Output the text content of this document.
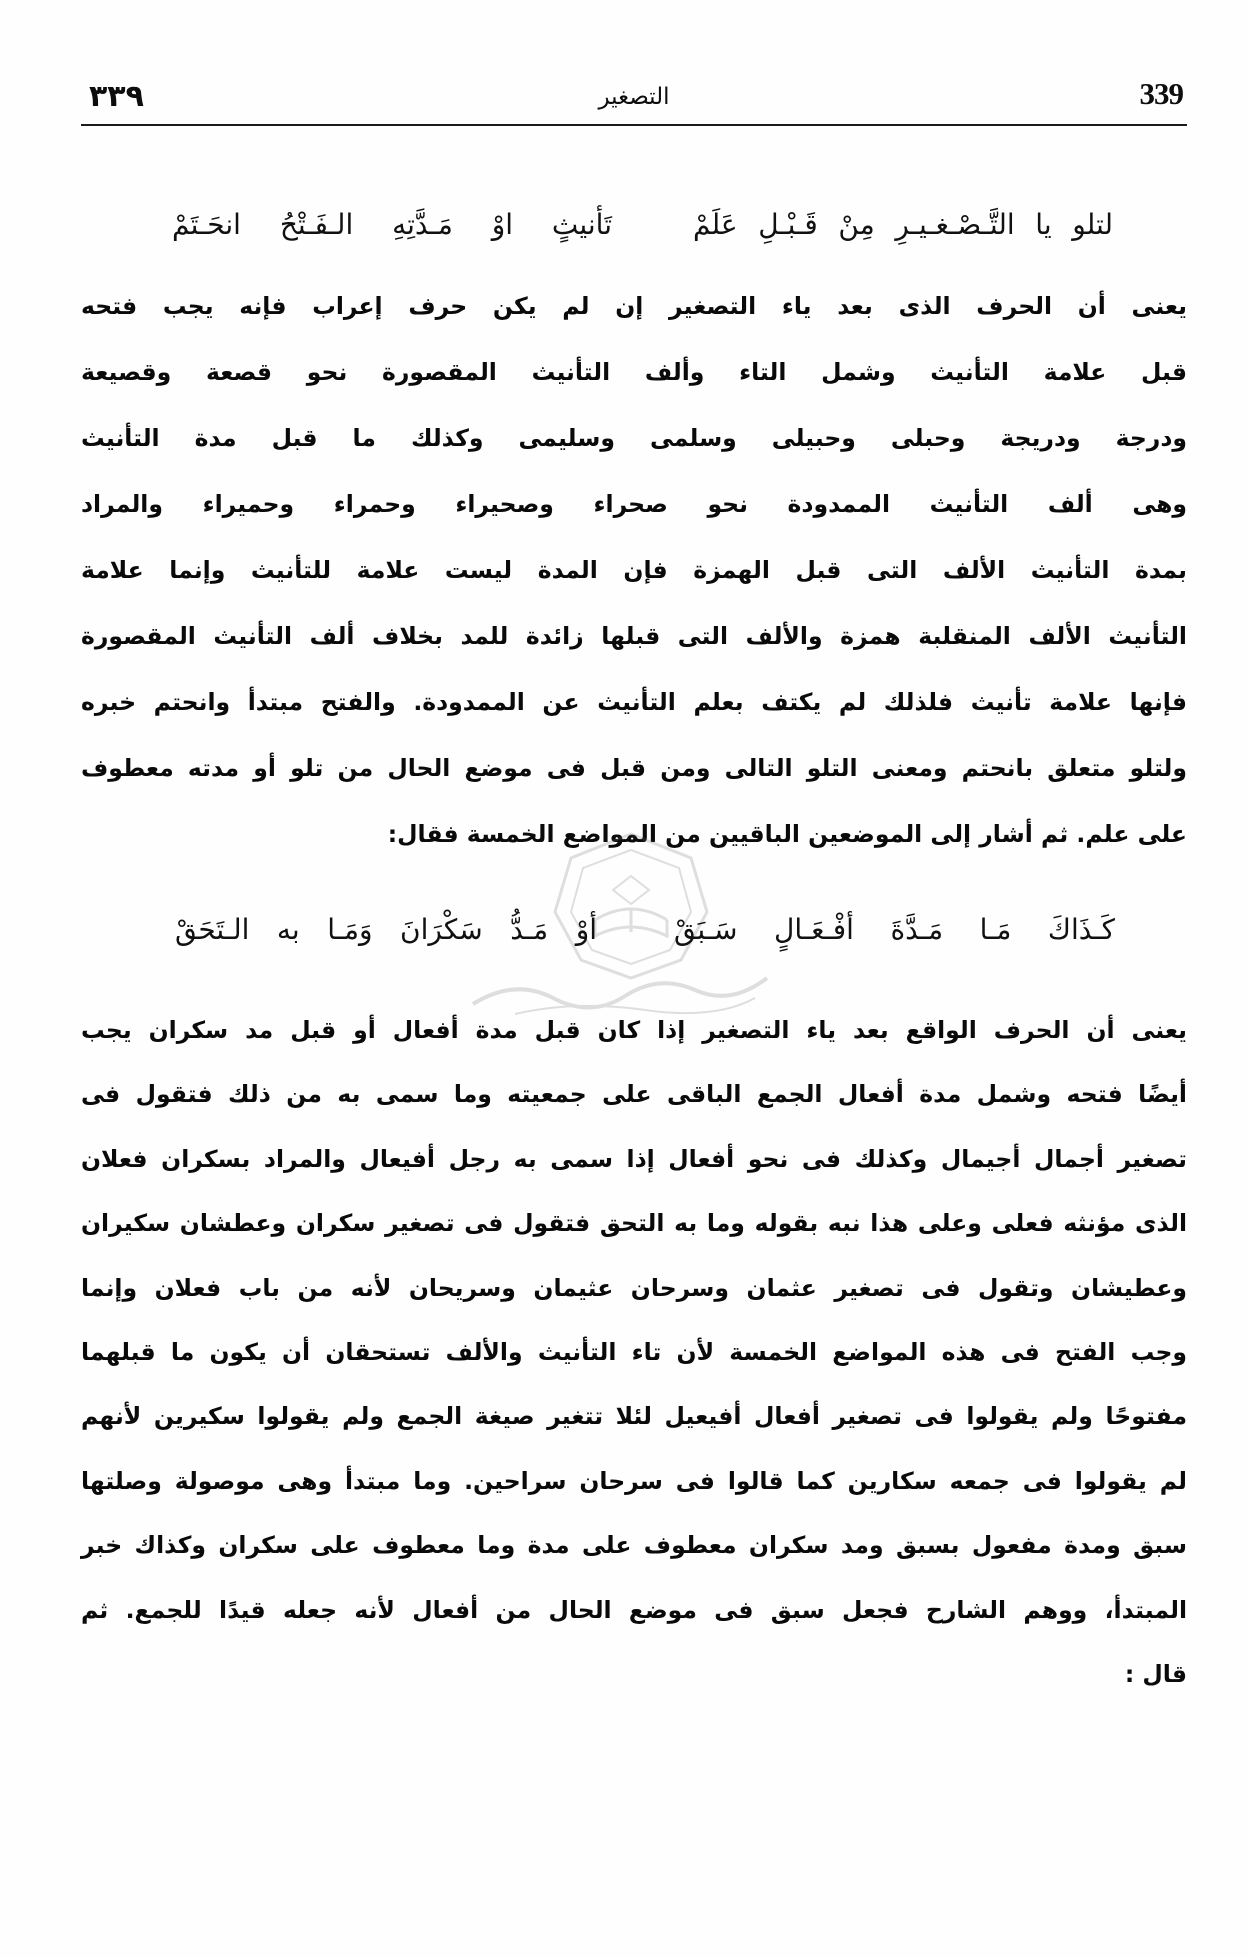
٣٣٩	التصغير	339
لتلو يا التَّـصْـغـيـرِ مِنْ قَـبْـلِ عَلَمْ
تَأنيثٍ اوْ مَـدَّتِهِ الـفَـتْحُ انحَـتَمْ
يعنى أن الحرف الذى بعد ياء التصغير إن لم يكن حرف إعراب فإنه يجب فتحه
قبل علامة التأنيث وشمل التاء وألف التأنيث المقصورة نحو قصعة وقصيعة
ودرجة ودريجة وحبلى وحبيلى وسلمى وسليمى وكذلك ما قبل مدة التأنيث
وهى ألف التأنيث الممدودة نحو صحراء وصحيراء وحمراء وحميراء والمراد
بمدة التأنيث الألف التى قبل الهمزة فإن المدة ليست علامة للتأنيث وإنما علامة
التأنيث الألف المنقلبة همزة والألف التى قبلها زائدة للمد بخلاف ألف التأنيث المقصورة
فإنها علامة تأنيث فلذلك لم يكتف بعلم التأنيث عن الممدودة. والفتح مبتدأ وانحتم خبره
ولتلو متعلق بانحتم ومعنى التلو التالى ومن قبل فى موضع الحال من تلو أو مدته معطوف
على علم. ثم أشار إلى الموضعين الباقيين من المواضع الخمسة فقال:
كَـذَاكَ مَـا مَـدَّةَ أفْـعَـالٍ سَـبَقْ
أوْ مَـدُّ سَكْرَانَ وَمَـا به الـتَحَقْ
يعنى أن الحرف الواقع بعد ياء التصغير إذا كان قبل مدة أفعال أو قبل مد سكران يجب
أيضًا فتحه وشمل مدة أفعال الجمع الباقى على جمعيته وما سمى به من ذلك فتقول فى
تصغير أجمال أجيمال وكذلك فى نحو أفعال إذا سمى به رجل أفيعال والمراد بسكران فعلان
الذى مؤنثه فعلى وعلى هذا نبه بقوله وما به التحق فتقول فى تصغير سكران وعطشان سكيران
وعطيشان وتقول فى تصغير عثمان وسرحان عثيمان وسريحان لأنه من باب فعلان وإنما
وجب الفتح فى هذه المواضع الخمسة لأن تاء التأنيث والألف تستحقان أن يكون ما قبلهما
مفتوحًا ولم يقولوا فى تصغير أفعال أفيعيل لئلا تتغير صيغة الجمع ولم يقولوا سكيرين لأنهم
لم يقولوا فى جمعه سكارين كما قالوا فى سرحان سراحين. وما مبتدأ وهى موصولة وصلتها
سبق ومدة مفعول بسبق ومد سكران معطوف على مدة وما معطوف على سكران وكذاك خبر
المبتدأ، ووهم الشارح فجعل سبق فى موضع الحال من أفعال لأنه جعله قيدًا للجمع. ثم
قال :
